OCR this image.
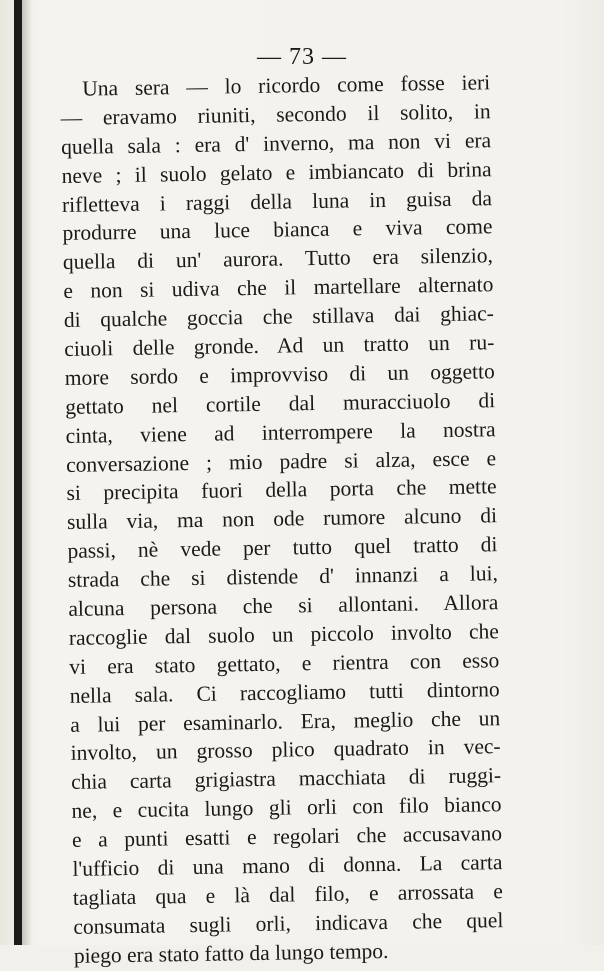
— 73 —
Una sera — lo ricordo come fosse ieri
— eravamo riuniti, secondo il solito, in
quella sala : era d' inverno, ma non vi era
neve ; il suolo gelato e imbiancato di brina
rifletteva i raggi della luna in guisa da
produrre una luce bianca e viva come
quella di un' aurora. Tutto era silenzio,
e non si udiva che il martellare alternato
di qualche goccia che stillava dai ghiac-
ciuoli delle gronde. Ad un tratto un ru-
more sordo e improvviso di un oggetto
gettato nel cortile dal muracciuolo di
cinta, viene ad interrompere la nostra
conversazione ; mio padre si alza, esce e
si precipita fuori della porta che mette
sulla via, ma non ode rumore alcuno di
passi, nè vede per tutto quel tratto di
strada che si distende d' innanzi a lui,
alcuna persona che si allontani. Allora
raccoglie dal suolo un piccolo involto che
vi era stato gettato, e rientra con esso
nella sala. Ci raccogliamo tutti dintorno
a lui per esaminarlo. Era, meglio che un
involto, un grosso plico quadrato in vec-
chia carta grigiastra macchiata di ruggi-
ne, e cucita lungo gli orli con filo bianco
e a punti esatti e regolari che accusavano
l'ufficio di una mano di donna. La carta
tagliata qua e là dal filo, e arrossata e
consumata sugli orli, indicava che quel
piego era stato fatto da lungo tempo.
